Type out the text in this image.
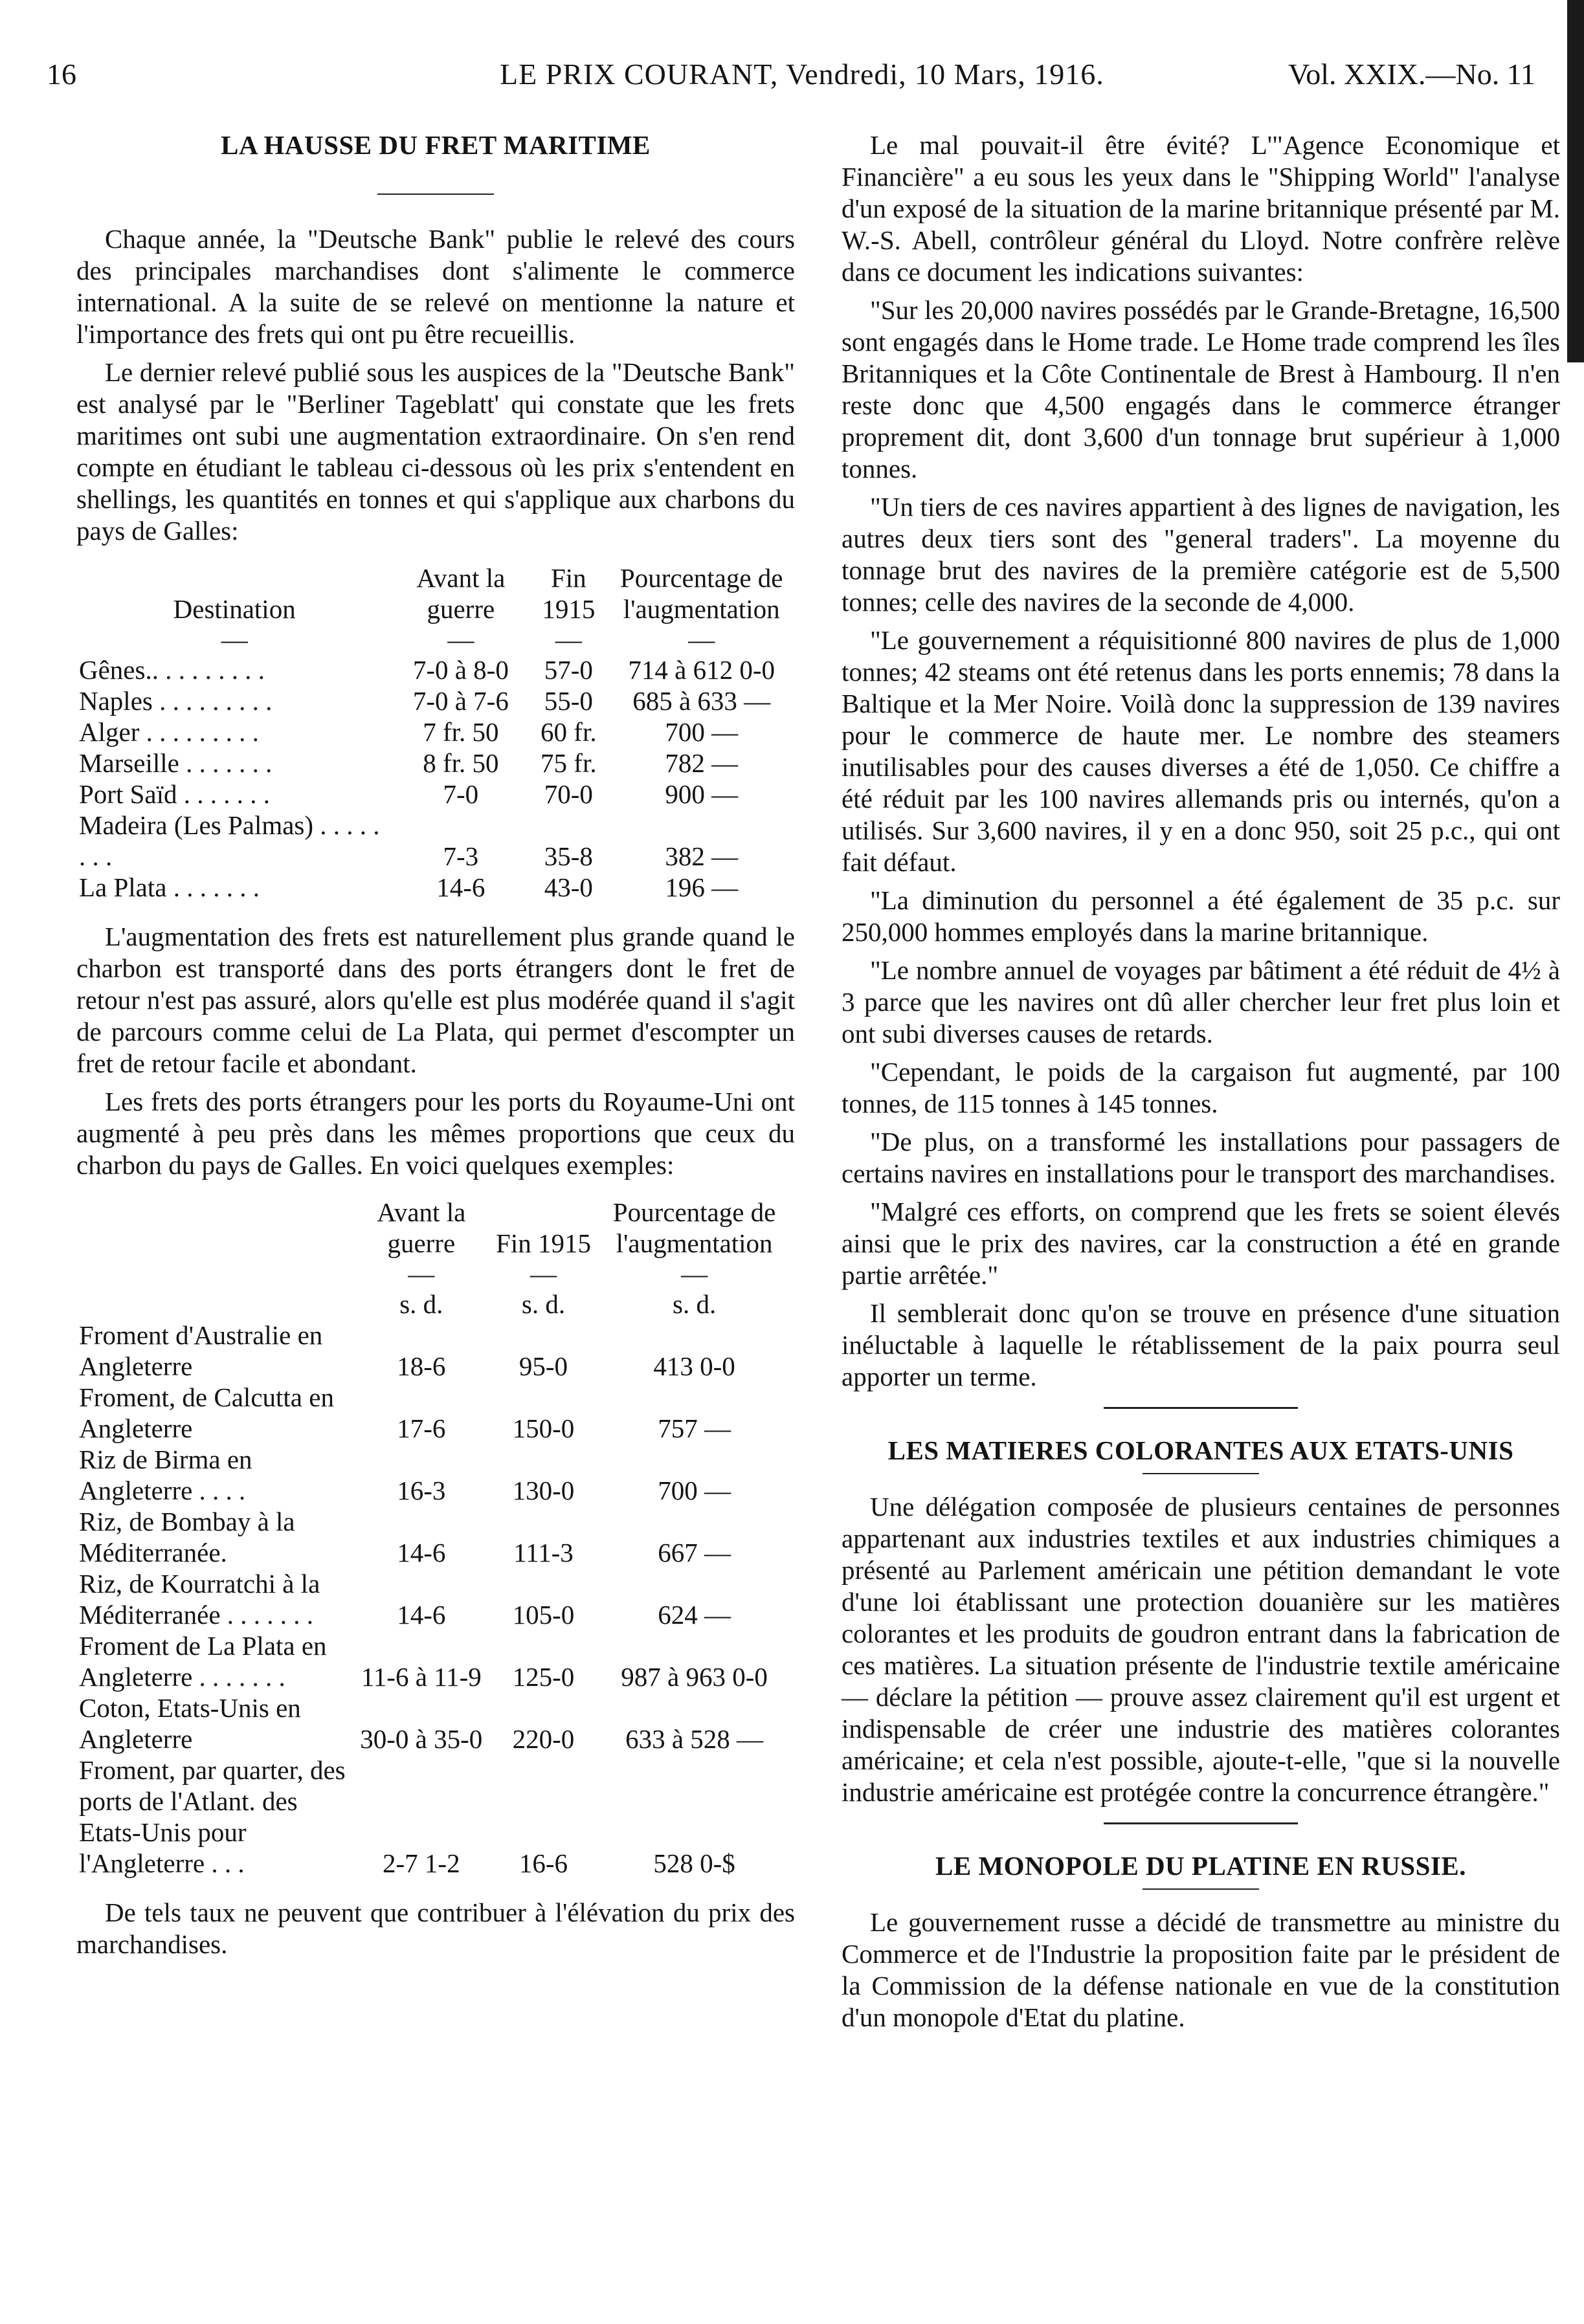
16	LE PRIX COURANT, Vendredi, 10 Mars, 1916.	Vol. XXIX.—No. 11
LA HAUSSE DU FRET MARITIME

Chaque année, la "Deutsche Bank" publie le relevé des cours des principales marchandises dont s'alimente le commerce international. A la suite de se relevé on mentionne la nature et l'importance des frets qui ont pu être recueillis.

Le dernier relevé publié sous les auspices de la "Deutsche Bank" est analysé par le "Berliner Tageblatt' qui constate que les frets maritimes ont subi une augmentation extraordinaire. On s'en rend compte en étudiant le tableau ci-dessous où les prix s'entendent en shellings, les quantités en tonnes et qui s'applique aux charbons du pays de Galles:

Destination	Avant la guerre	Fin 1915	Pourcentage de l'augmentation
—	—	—	—
Gênes.. . . . . . . . .	7-0 à 8-0	57-0	714 à 612 0-0
Naples . . . . . . . . .	7-0 à 7-6	55-0	685 à 633 —
Alger . . . . . . . . .	7 fr. 50	60 fr.	700 —
Marseille . . . . . . .	8 fr. 50	75 fr.	782 —
Port Saïd . . . . . . .	7-0	70-0	900 —
Madeira (Les Palmas) . . . . . . . .	7-3	35-8	382 —
La Plata . . . . . . .	14-6	43-0	196 —

L'augmentation des frets est naturellement plus grande quand le charbon est transporté dans des ports étrangers dont le fret de retour n'est pas assuré, alors qu'elle est plus modérée quand il s'agit de parcours comme celui de La Plata, qui permet d'escompter un fret de retour facile et abondant.

Les frets des ports étrangers pour les ports du Royaume-Uni ont augmenté à peu près dans les mêmes proportions que ceux du charbon du pays de Galles. En voici quelques exemples:

	Avant la guerre	Fin 1915	Pourcentage de l'augmentation
	—	—	—
	s. d.	s. d.	s. d.
Froment d'Australie en Angleterre	18-6	95-0	413 0-0
Froment, de Calcutta en Angleterre	17-6	150-0	757 —
Riz de Birma en Angleterre . . . .	16-3	130-0	700 —
Riz, de Bombay à la Méditerranée.	14-6	111-3	667 —
Riz, de Kourratchi à la Méditerranée . . . . . . .	14-6	105-0	624 —
Froment de La Plata en Angleterre . . . . . . .	11-6 à 11-9	125-0	987 à 963 0-0
Coton, Etats-Unis en Angleterre	30-0 à 35-0	220-0	633 à 528 —
Froment, par quarter, des ports de l'Atlant. des Etats-Unis pour l'Angleterre . . .	2-7 1-2	16-6	528 0-$

De tels taux ne peuvent que contribuer à l'élévation du prix des marchandises.

Le mal pouvait-il être évité? L'"Agence Economique et Financière" a eu sous les yeux dans le "Shipping World" l'analyse d'un exposé de la situation de la marine britannique présenté par M. W.-S. Abell, contrôleur général du Lloyd. Notre confrère relève dans ce document les indications suivantes:

"Sur les 20,000 navires possédés par le Grande-Bretagne, 16,500 sont engagés dans le Home trade. Le Home trade comprend les îles Britanniques et la Côte Continentale de Brest à Hambourg. Il n'en reste donc que 4,500 engagés dans le commerce étranger proprement dit, dont 3,600 d'un tonnage brut supérieur à 1,000 tonnes.

"Un tiers de ces navires appartient à des lignes de navigation, les autres deux tiers sont des "general traders". La moyenne du tonnage brut des navires de la première catégorie est de 5,500 tonnes; celle des navires de la seconde de 4,000.

"Le gouvernement a réquisitionné 800 navires de plus de 1,000 tonnes; 42 steams ont été retenus dans les ports ennemis; 78 dans la Baltique et la Mer Noire. Voilà donc la suppression de 139 navires pour le commerce de haute mer. Le nombre des steamers inutilisables pour des causes diverses a été de 1,050. Ce chiffre a été réduit par les 100 navires allemands pris ou internés, qu'on a utilisés. Sur 3,600 navires, il y en a donc 950, soit 25 p.c., qui ont fait défaut.

"La diminution du personnel a été également de 35 p.c. sur 250,000 hommes employés dans la marine britannique.

"Le nombre annuel de voyages par bâtiment a été réduit de 4½ à 3 parce que les navires ont dû aller chercher leur fret plus loin et ont subi diverses causes de retards.

"Cependant, le poids de la cargaison fut augmenté, par 100 tonnes, de 115 tonnes à 145 tonnes.

"De plus, on a transformé les installations pour passagers de certains navires en installations pour le transport des marchandises.

"Malgré ces efforts, on comprend que les frets se soient élevés ainsi que le prix des navires, car la construction a été en grande partie arrêtée."

Il semblerait donc qu'on se trouve en présence d'une situation inéluctable à laquelle le rétablissement de la paix pourra seul apporter un terme.

LES MATIERES COLORANTES AUX ETATS-UNIS

Une délégation composée de plusieurs centaines de personnes appartenant aux industries textiles et aux industries chimiques a présenté au Parlement américain une pétition demandant le vote d'une loi établissant une protection douanière sur les matières colorantes et les produits de goudron entrant dans la fabrication de ces matières. La situation présente de l'industrie textile américaine — déclare la pétition — prouve assez clairement qu'il est urgent et indispensable de créer une industrie des matières colorantes américaine; et cela n'est possible, ajoute-t-elle, "que si la nouvelle industrie américaine est protégée contre la concurrence étrangère."

LE MONOPOLE DU PLATINE EN RUSSIE.

Le gouvernement russe a décidé de transmettre au ministre du Commerce et de l'Industrie la proposition faite par le président de la Commission de la défense nationale en vue de la constitution d'un monopole d'Etat du platine.
